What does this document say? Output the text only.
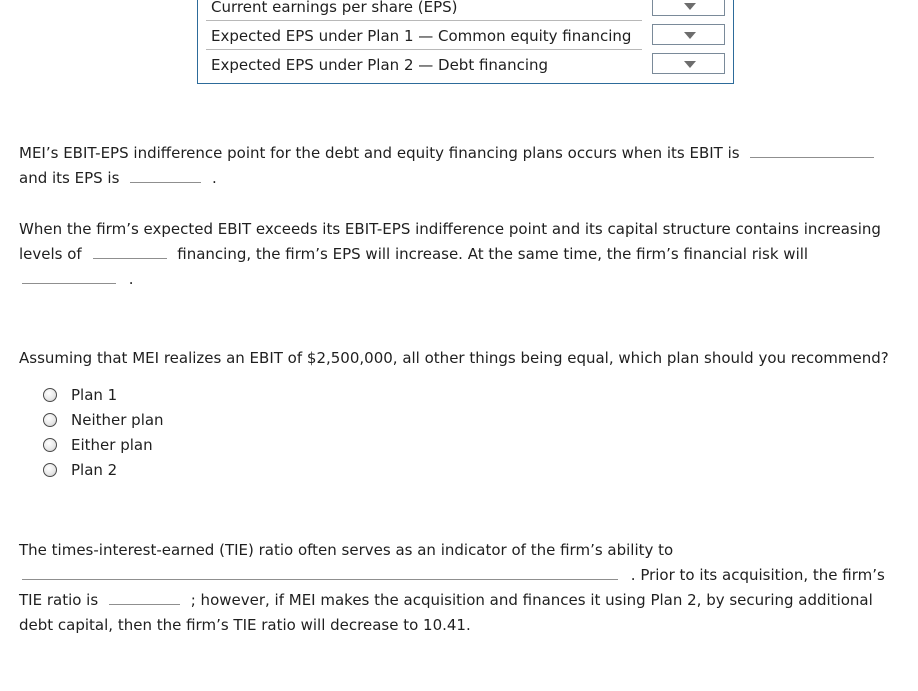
Current earnings per share (EPS)
Expected EPS under Plan 1 — Common equity financing
Expected EPS under Plan 2 — Debt financing
MEI’s EBIT-EPS indifference point for the debt and equity financing plans occurs when its EBIT is
and its EPS is	.
When the firm’s expected EBIT exceeds its EBIT-EPS indifference point and its capital structure contains increasing
levels of	financing, the firm’s EPS will increase. At the same time, the firm’s financial risk will
.
Assuming that MEI realizes an EBIT of $2,500,000, all other things being equal, which plan should you recommend?
Plan 1
Neither plan
Either plan
Plan 2
The times-interest-earned (TIE) ratio often serves as an indicator of the firm’s ability to
. Prior to its acquisition, the firm’s
TIE ratio is	; however, if MEI makes the acquisition and finances it using Plan 2, by securing additional
debt capital, then the firm’s TIE ratio will decrease to 10.41.
